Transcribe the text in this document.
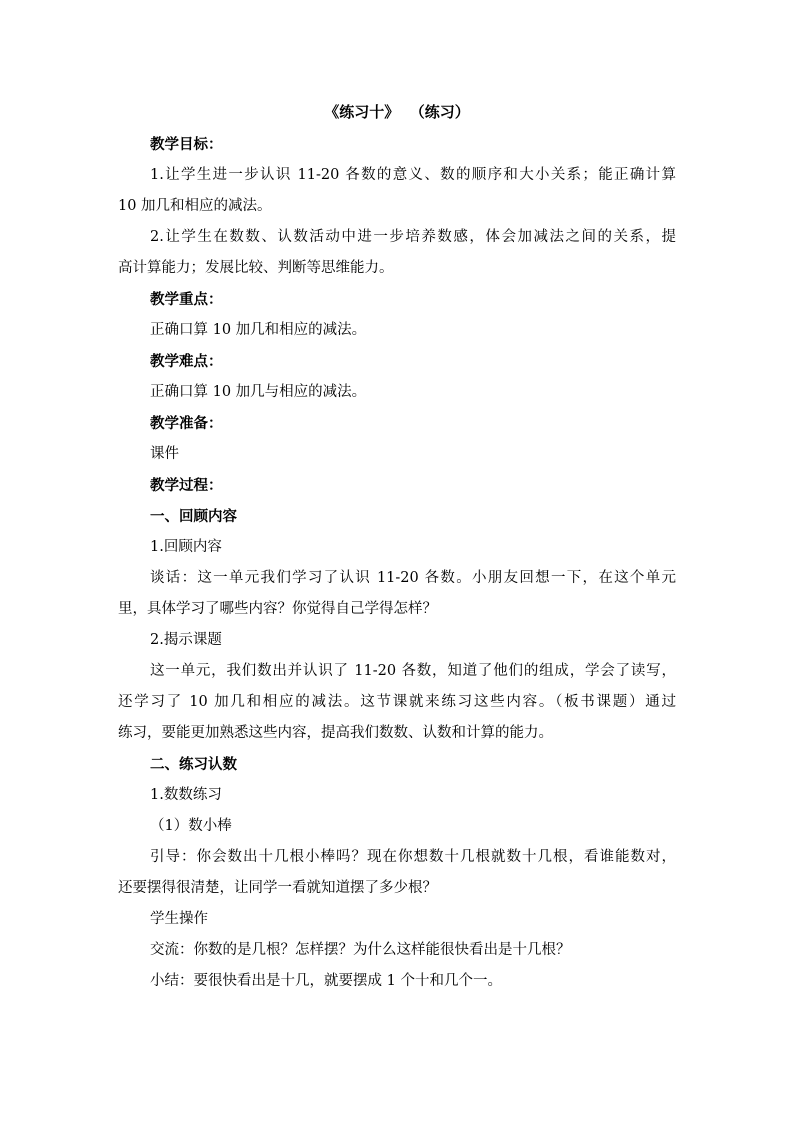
《练习十》  （练习）
教学目标：
1.让学生进一步认识 11-20 各数的意义、数的顺序和大小关系；能正确计算
10 加几和相应的减法。
2.让学生在数数、认数活动中进一步培养数感，体会加减法之间的关系，提
高计算能力；发展比较、判断等思维能力。
教学重点：
正确口算 10 加几和相应的减法。
教学难点：
正确口算 10 加几与相应的减法。
教学准备：
课件
教学过程：
一、回顾内容
1.回顾内容
谈话：这一单元我们学习了认识 11-20 各数。小朋友回想一下，在这个单元
里，具体学习了哪些内容？你觉得自己学得怎样？
2.揭示课题
这一单元，我们数出并认识了 11-20 各数，知道了他们的组成，学会了读写，
还学习了 10 加几和相应的减法。这节课就来练习这些内容。（板书课题）通过
练习，要能更加熟悉这些内容，提高我们数数、认数和计算的能力。
二、练习认数
1.数数练习
（1）数小棒
引导：你会数出十几根小棒吗？现在你想数十几根就数十几根，看谁能数对，
还要摆得很清楚，让同学一看就知道摆了多少根？
学生操作
交流：你数的是几根？怎样摆？为什么这样能很快看出是十几根？
小结：要很快看出是十几，就要摆成 1 个十和几个一。
